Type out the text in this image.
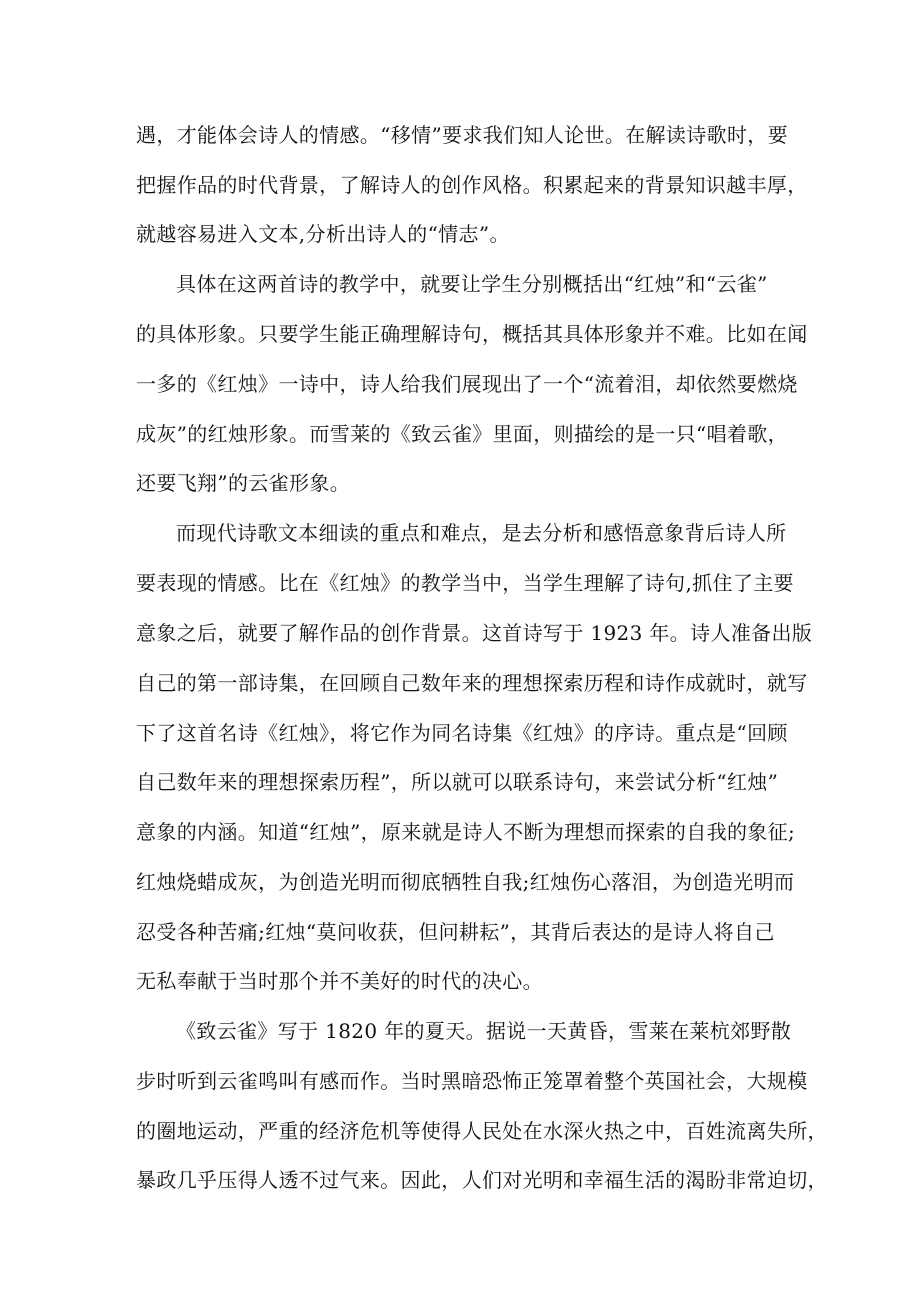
遇，才能体会诗人的情感。“移情”要求我们知人论世。在解读诗歌时，要
把握作品的时代背景，了解诗人的创作风格。积累起来的背景知识越丰厚，
就越容易进入文本,分析出诗人的“情志”。
具体在这两首诗的教学中，就要让学生分别概括出“红烛”和“云雀”
的具体形象。只要学生能正确理解诗句，概括其具体形象并不难。比如在闻
一多的《红烛》一诗中，诗人给我们展现出了一个“流着泪，却依然要燃烧
成灰”的红烛形象。而雪莱的《致云雀》里面，则描绘的是一只“唱着歌，
还要飞翔”的云雀形象。
而现代诗歌文本细读的重点和难点，是去分析和感悟意象背后诗人所
要表现的情感。比在《红烛》的教学当中，当学生理解了诗句,抓住了主要
意象之后，就要了解作品的创作背景。这首诗写于 1923 年。诗人准备出版
自己的第一部诗集，在回顾自己数年来的理想探索历程和诗作成就时，就写
下了这首名诗《红烛》，将它作为同名诗集《红烛》的序诗。重点是“回顾
自己数年来的理想探索历程”，所以就可以联系诗句，来尝试分析“红烛”
意象的内涵。知道“红烛”，原来就是诗人不断为理想而探索的自我的象征;
红烛烧蜡成灰，为创造光明而彻底牺牲自我;红烛伤心落泪，为创造光明而
忍受各种苦痛;红烛“莫问收获，但问耕耘”，其背后表达的是诗人将自己
无私奉献于当时那个并不美好的时代的决心。
《致云雀》写于 1820 年的夏天。据说一天黄昏，雪莱在莱杭郊野散
步时听到云雀鸣叫有感而作。当时黑暗恐怖正笼罩着整个英国社会，大规模
的圈地运动，严重的经济危机等使得人民处在水深火热之中，百姓流离失所，
暴政几乎压得人透不过气来。因此，人们对光明和幸福生活的渴盼非常迫切，
